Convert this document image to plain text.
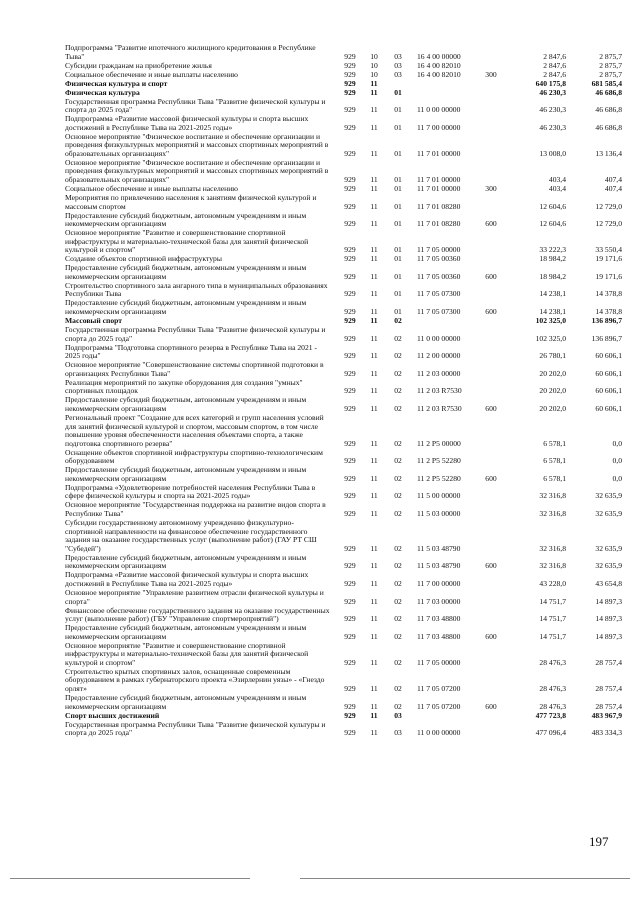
Подпрограмма "Развитие ипотечного жилищного кредитования в Республике Тыва"	929	10	03	16 4 00 00000		2 847,6	2 875,7
Субсидии гражданам на приобретение жилья	929	10	03	16 4 00 82010		2 847,6	2 875,7
Социальное обеспечение и иные выплаты населению	929	10	03	16 4 00 82010	300	2 847,6	2 875,7
Физическая культура и спорт	929	11				640 175,8	681 585,4
Физическая культура	929	11	01			46 230,3	46 686,8
Государственная программа Республики Тыва "Развитие физической культуры и спорта до 2025 года"	929	11	01	11 0 00 00000		46 230,3	46 686,8
Подпрограмма «Развитие массовой физической культуры и спорта высших достижений в Республике Тыва на 2021-2025 годы»	929	11	01	11 7 00 00000		46 230,3	46 686,8
Основное мероприятие "Физическое воспитание и обеспечение организации и проведения физкультурных мероприятий и массовых спортивных мероприятий в образовательных организациях"	929	11	01	11 7 01 00000		13 008,0	13 136,4
Основное мероприятие "Физическое воспитание и обеспечение организации и проведения физкультурных мероприятий и массовых спортивных мероприятий в образовательных организациях"	929	11	01	11 7 01 00000		403,4	407,4
Социальное обеспечение и иные выплаты населению	929	11	01	11 7 01 00000	300	403,4	407,4
Мероприятия по привлечению населения к занятиям физической культурой и массовым спортом	929	11	01	11 7 01 08280		12 604,6	12 729,0
Предоставление субсидий бюджетным, автономным учреждениям и иным некоммерческим организациям	929	11	01	11 7 01 08280	600	12 604,6	12 729,0
Основное мероприятие "Развитие и совершенствование спортивной инфраструктуры и материально-технической базы для занятий физической культурой и спортом"	929	11	01	11 7 05 00000		33 222,3	33 550,4
Создание объектов спортивной инфраструктуры	929	11	01	11 7 05 00360		18 984,2	19 171,6
Предоставление субсидий бюджетным, автономным учреждениям и иным некоммерческим организациям	929	11	01	11 7 05 00360	600	18 984,2	19 171,6
Строительство спортивного зала ангарного типа в муниципальных образованиях Республики Тыва	929	11	01	11 7 05 07300		14 238,1	14 378,8
Предоставление субсидий бюджетным, автономным учреждениям и иным некоммерческим организациям	929	11	01	11 7 05 07300	600	14 238,1	14 378,8
Массовый спорт	929	11	02			102 325,0	136 896,7
Государственная программа Республики Тыва "Развитие физической культуры и спорта до 2025 года"	929	11	02	11 0 00 00000		102 325,0	136 896,7
Подпрограмма "Подготовка спортивного резерва в Республике Тыва на 2021 - 2025 годы"	929	11	02	11 2 00 00000		26 780,1	60 606,1
Основное мероприятие "Совершенствование системы спортивной подготовки в организациях Республики Тыва"	929	11	02	11 2 03 00000		20 202,0	60 606,1
Реализация мероприятий по закупке оборудования для создания "умных" спортивных площадок	929	11	02	11 2 03 R7530		20 202,0	60 606,1
Предоставление субсидий бюджетным, автономным учреждениям и иным некоммерческим организациям	929	11	02	11 2 03 R7530	600	20 202,0	60 606,1
Региональный проект "Создание для всех категорий и групп населения условий для занятий физической культурой и спортом, массовым спортом, в том числе повышение уровня обеспеченности населения объектами спорта, а также подготовка спортивного резерва"	929	11	02	11 2 P5 00000		6 578,1	0,0
Оснащение объектов спортивной инфраструктуры спортивно-технологическим оборудованием	929	11	02	11 2 P5 52280		6 578,1	0,0
Предоставление субсидий бюджетным, автономным учреждениям и иным некоммерческим организациям	929	11	02	11 2 P5 52280	600	6 578,1	0,0
Подпрограмма «Удовлетворение потребностей населения Республики Тыва в сфере физической культуры и спорта на 2021-2025 годы»	929	11	02	11 5 00 00000		32 316,8	32 635,9
Основное мероприятие "Государственная поддержка на развитие видов спорта в Республике Тыва"	929	11	02	11 5 03 00000		32 316,8	32 635,9
Субсидии государственному автономному учреждению физкультурно-спортивной направленности на финансовое обеспечение государственного задания на оказание государственных услуг (выполнение работ) (ГАУ РТ СШ "Субедей")	929	11	02	11 5 03 48790		32 316,8	32 635,9
Предоставление субсидий бюджетным, автономным учреждениям и иным некоммерческим организациям	929	11	02	11 5 03 48790	600	32 316,8	32 635,9
Подпрограмма «Развитие массовой физической культуры и спорта высших достижений в Республике Тыва на 2021-2025 годы»	929	11	02	11 7 00 00000		43 228,0	43 654,8
Основное мероприятие "Управление развитием отрасли физической культуры и спорта"	929	11	02	11 7 03 00000		14 751,7	14 897,3
Финансовое обеспечение государственного задания на оказание государственных услуг (выполнение работ) (ГБУ "Управление спортмероприятий")	929	11	02	11 7 03 48800		14 751,7	14 897,3
Предоставление субсидий бюджетным, автономным учреждениям и иным некоммерческим организациям	929	11	02	11 7 03 48800	600	14 751,7	14 897,3
Основное мероприятие "Развитие и совершенствование спортивной инфраструктуры и материально-технической базы для занятий физической культурой и спортом"	929	11	02	11 7 05 00000		28 476,3	28 757,4
Строительство крытых спортивных залов, оснащенные современным оборудованием в рамках губернаторского проекта «Эзирлернин уязы» - «Гнездо орлят»	929	11	02	11 7 05 07200		28 476,3	28 757,4
Предоставление субсидий бюджетным, автономным учреждениям и иным некоммерческим организациям	929	11	02	11 7 05 07200	600	28 476,3	28 757,4
Спорт высших достижений	929	11	03			477 723,8	483 967,9
Государственная программа Республики Тыва "Развитие физической культуры и спорта до 2025 года"	929	11	03	11 0 00 00000		477 096,4	483 334,3
197
